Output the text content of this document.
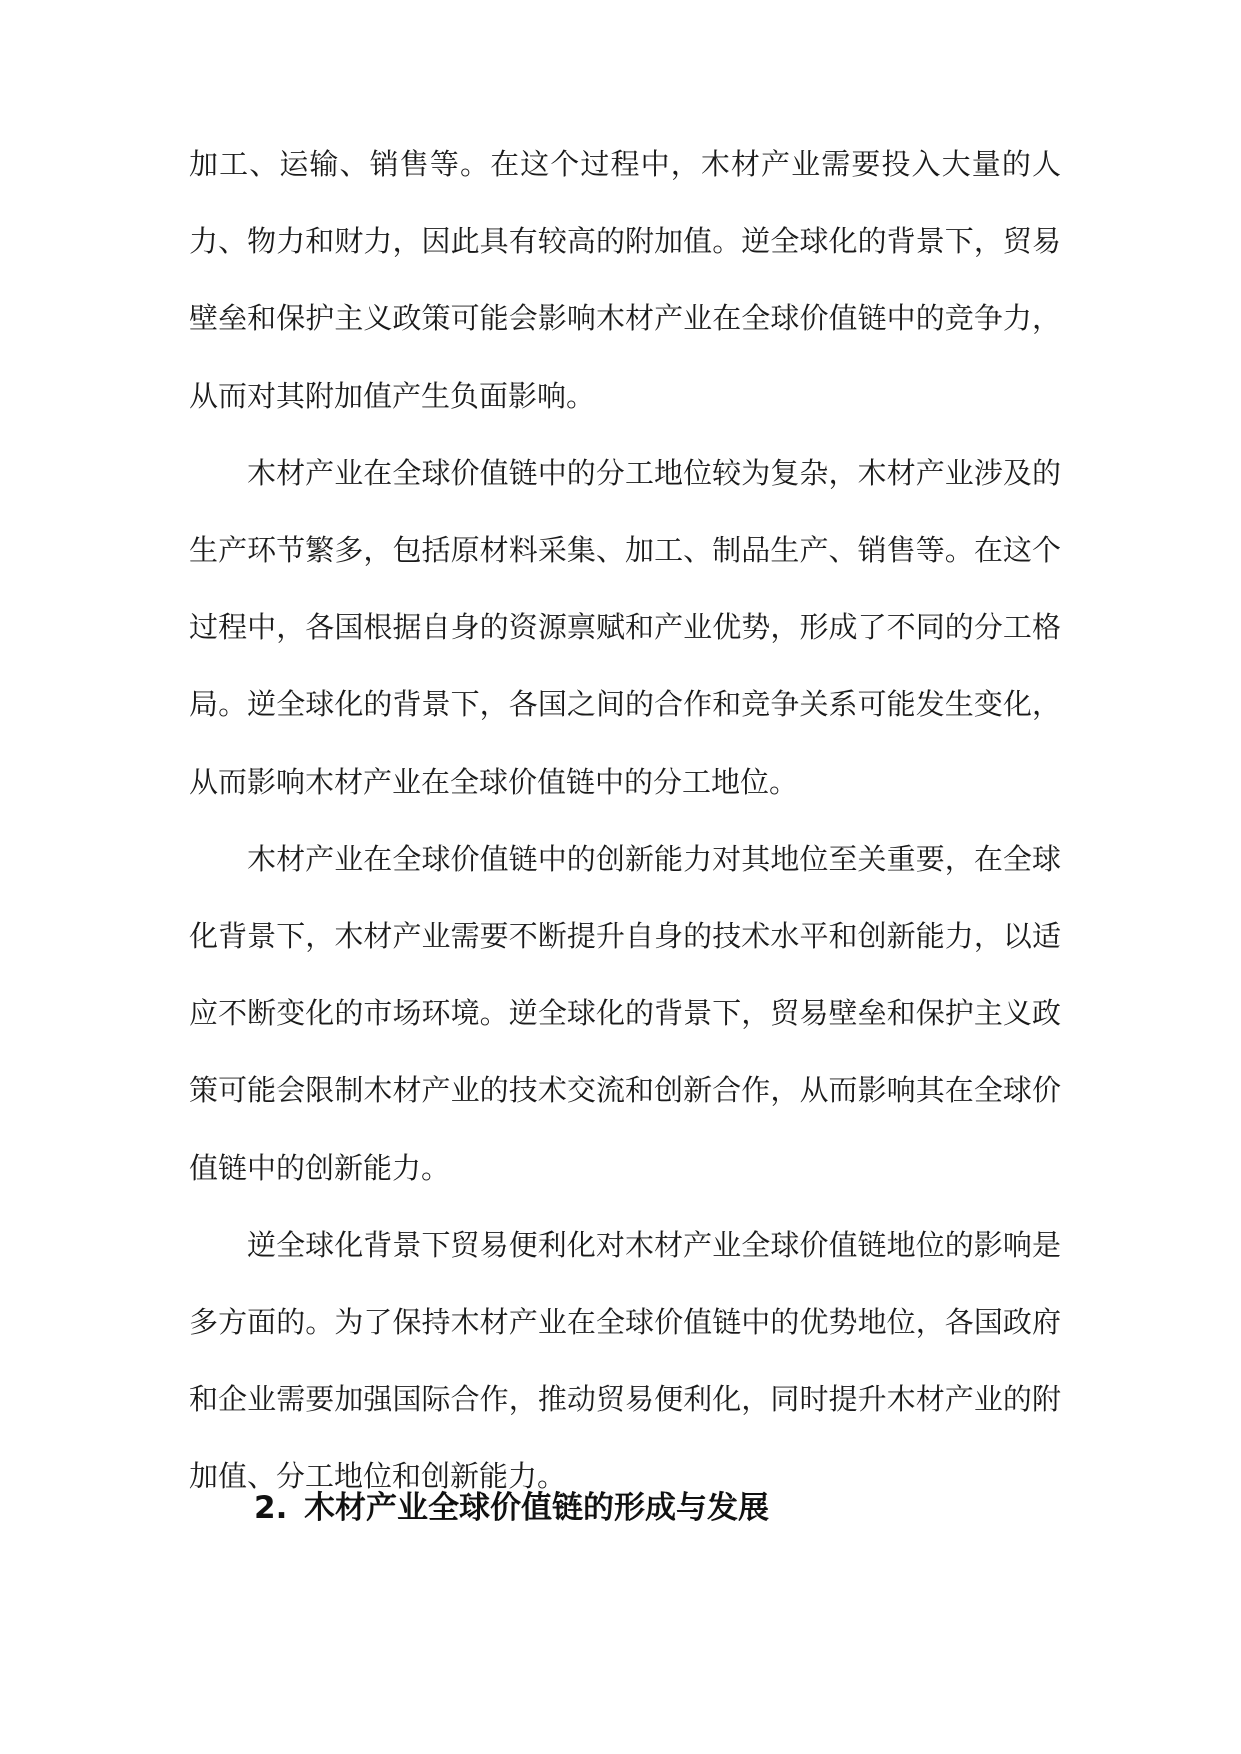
加工、运输、销售等。在这个过程中，木材产业需要投入大量的人力、物力和财力，因此具有较高的附加值。逆全球化的背景下，贸易壁垒和保护主义政策可能会影响木材产业在全球价值链中的竞争力，从而对其附加值产生负面影响。

木材产业在全球价值链中的分工地位较为复杂，木材产业涉及的生产环节繁多，包括原材料采集、加工、制品生产、销售等。在这个过程中，各国根据自身的资源禀赋和产业优势，形成了不同的分工格局。逆全球化的背景下，各国之间的合作和竞争关系可能发生变化，从而影响木材产业在全球价值链中的分工地位。

木材产业在全球价值链中的创新能力对其地位至关重要，在全球化背景下，木材产业需要不断提升自身的技术水平和创新能力，以适应不断变化的市场环境。逆全球化的背景下，贸易壁垒和保护主义政策可能会限制木材产业的技术交流和创新合作，从而影响其在全球价值链中的创新能力。

逆全球化背景下贸易便利化对木材产业全球价值链地位的影响是多方面的。为了保持木材产业在全球价值链中的优势地位，各国政府和企业需要加强国际合作，推动贸易便利化，同时提升木材产业的附加值、分工地位和创新能力。

2. 木材产业全球价值链的形成与发展
